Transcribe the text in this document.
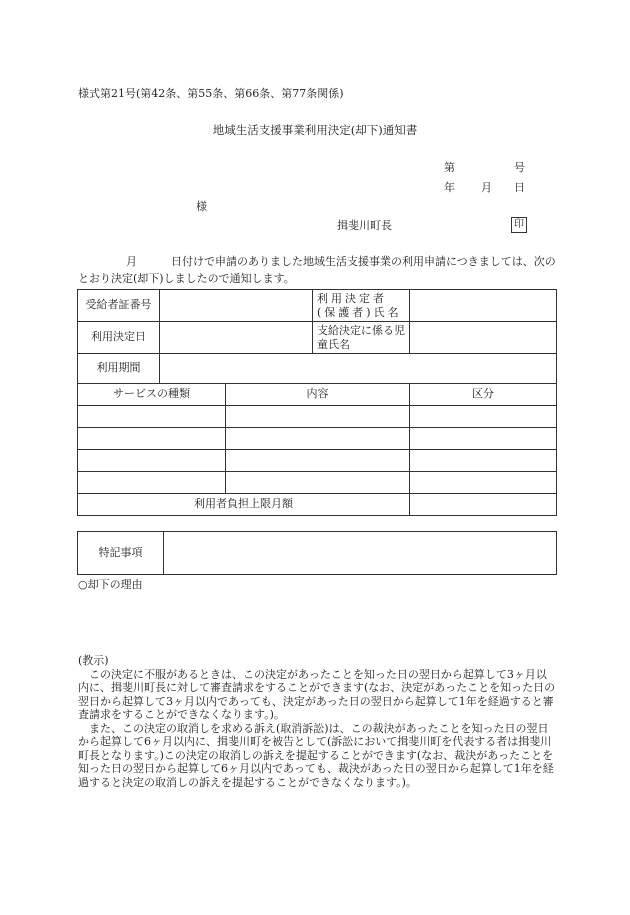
様式第21号(第42条、第55条、第66条、第77条関係)
地域生活支援事業利用決定(却下)通知書
第	号
年 月 日
様
揖斐川町長	印
月	日付けで申請のありました地域生活支援事業の利用申請につきましては、次のとおり決定(却下)しましたので通知します。
受給者証番号			利用決定者(保護者)氏名	
利用決定日			支給決定に係る児童氏名	
利用期間				
サービスの種類		内容		区分

利用者負担上限月額				
特記事項	
○却下の理由

(教示)

この決定に不服があるときは、この決定があったことを知った日の翌日から起算して3ヶ月以内に、揖斐川町長に対して審査請求をすることができます(なお、決定があったことを知った日の翌日から起算して3ヶ月以内であっても、決定があった日の翌日から起算して1年を経過すると審査請求をすることができなくなります。)。

また、この決定の取消しを求める訴え(取消訴訟)は、この裁決があったことを知った日の翌日から起算して6ヶ月以内に、揖斐川町を被告として(訴訟において揖斐川町を代表する者は揖斐川町長となります。)この決定の取消しの訴えを提起することができます(なお、裁決があったことを知った日の翌日から起算して6ヶ月以内であっても、裁決があった日の翌日から起算して1年を経過すると決定の取消しの訴えを提起することができなくなります。)。
